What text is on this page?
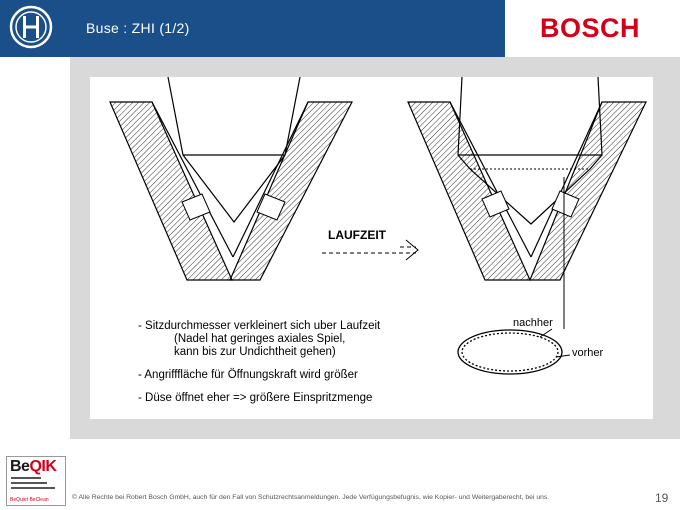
Buse : ZHI (1/2)	BOSCH
LAUFZEIT
nachher
vorher

- Sitzdurchmesser verkleinert sich uber Laufzeit

(Nadel hat geringes axiales Spiel,

kann bis zur Undichtheit gehen)

- Angrifffläche für Öffnungskraft wird größer

- Düse öffnet eher => größere Einspritzmenge

BeQIK
BeQuiet BeClean	© Alle Rechte bei Robert Bosch GmbH, auch für den Fall von Schutzrechtsanmeldungen. Jede Verfügungsbefugnis, wie Kopier- und Weitergaberecht, bei uns.	19
